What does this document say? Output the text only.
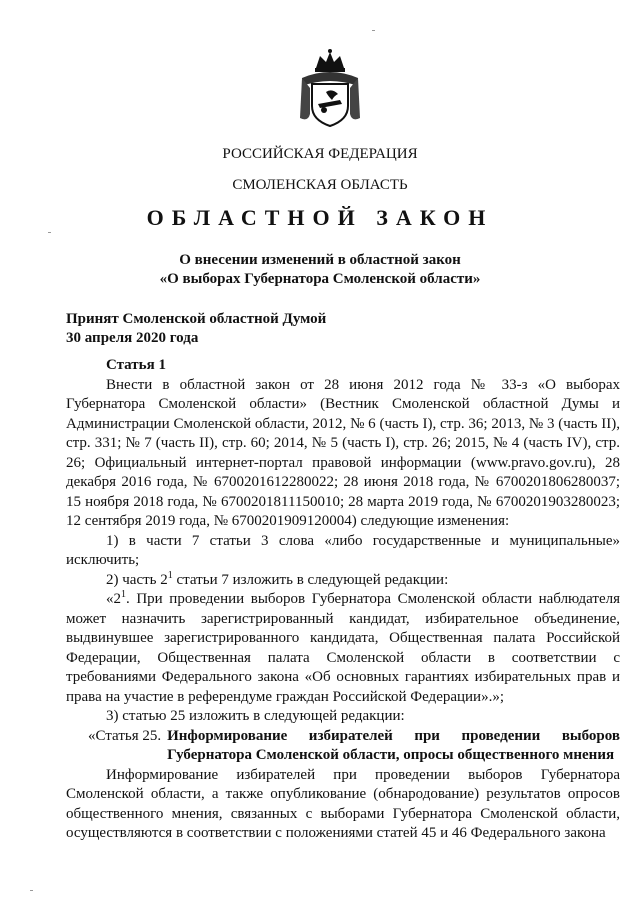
РОССИЙСКАЯ ФЕДЕРАЦИЯ
СМОЛЕНСКАЯ ОБЛАСТЬ
ОБЛАСТНОЙ ЗАКОН
О внесении изменений в областной закон
«О выборах Губернатора Смоленской области»
Принят Смоленской областной Думой
30 апреля 2020 года

Статья 1

Внести в областной закон от 28 июня 2012 года № 33-з «О выборах Губернатора Смоленской области» (Вестник Смоленской областной Думы и Администрации Смоленской области, 2012, № 6 (часть I), стр. 36; 2013, № 3 (часть II), стр. 331; № 7 (часть II), стр. 60; 2014, № 5 (часть I), стр. 26; 2015, № 4 (часть IV), стр. 26; Официальный интернет-портал правовой информации (www.pravo.gov.ru), 28 декабря 2016 года, № 6700201612280022; 28 июня 2018 года, № 6700201806280037; 15 ноября 2018 года, № 6700201811150010; 28 марта 2019 года, № 6700201903280023; 12 сентября 2019 года, № 6700201909120004) следующие изменения:

1) в части 7 статьи 3 слова «либо государственные и муниципальные» исключить;

2) часть $2^1$ статьи 7 изложить в следующей редакции:

«$2^1$. При проведении выборов Губернатора Смоленской области наблюдателя может назначить зарегистрированный кандидат, избирательное объединение, выдвинувшее зарегистрированного кандидата, Общественная палата Российской Федерации, Общественная палата Смоленской области в соответствии с требованиями Федерального закона «Об основных гарантиях избирательных прав и права на участие в референдуме граждан Российской Федерации».»;

3) статью 25 изложить в следующей редакции:

«Статья 25. Информирование избирателей при проведении выборов Губернатора Смоленской области, опросы общественного мнения

Информирование избирателей при проведении выборов Губернатора Смоленской области, а также опубликование (обнародование) результатов опросов общественного мнения, связанных с выборами Губернатора Смоленской области, осуществляются в соответствии с положениями статей 45 и 46 Федерального закона
